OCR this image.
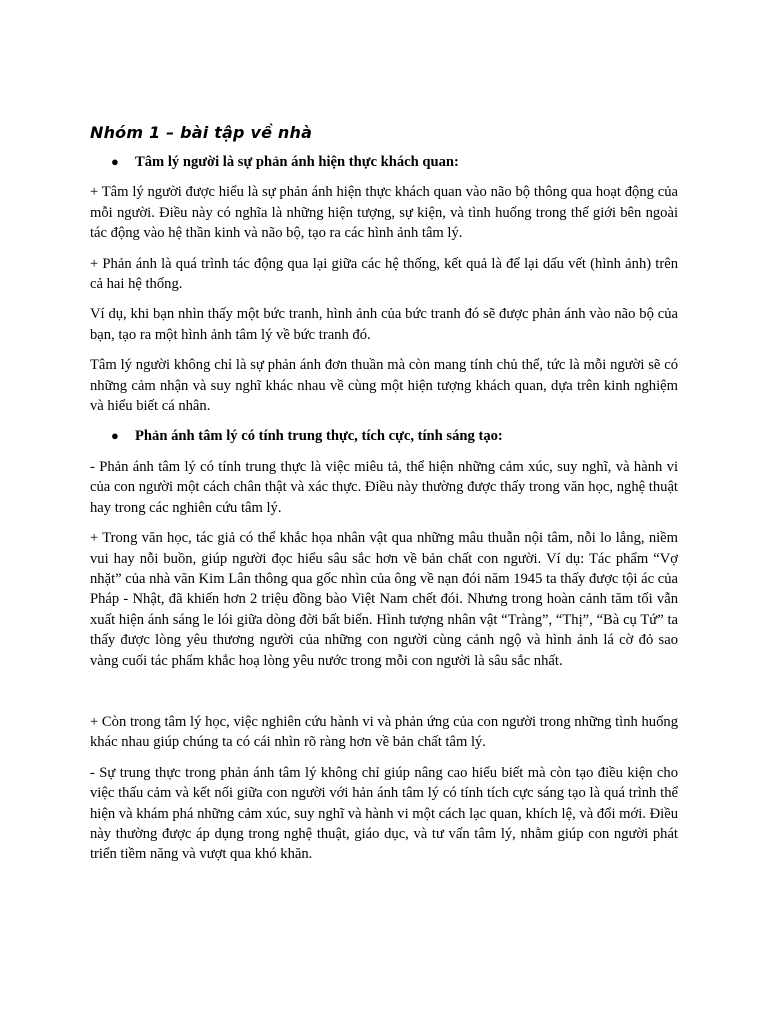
Nhóm 1 – bài tập về nhà
● Tâm lý người là sự phản ánh hiện thực khách quan:

+ Tâm lý người được hiểu là sự phản ánh hiện thực khách quan vào não bộ thông qua hoạt động của mỗi người. Điều này có nghĩa là những hiện tượng, sự kiện, và tình huống trong thế giới bên ngoài tác động vào hệ thần kinh và não bộ, tạo ra các hình ảnh tâm lý.

+ Phản ánh là quá trình tác động qua lại giữa các hệ thống, kết quả là để lại dấu vết (hình ảnh) trên cả hai hệ thống.

Ví dụ, khi bạn nhìn thấy một bức tranh, hình ảnh của bức tranh đó sẽ được phản ánh vào não bộ của bạn, tạo ra một hình ảnh tâm lý về bức tranh đó.

Tâm lý người không chỉ là sự phản ánh đơn thuần mà còn mang tính chủ thể, tức là mỗi người sẽ có những cảm nhận và suy nghĩ khác nhau về cùng một hiện tượng khách quan, dựa trên kinh nghiệm và hiểu biết cá nhân.

● Phản ánh tâm lý có tính trung thực, tích cực, tính sáng tạo:

- Phản ánh tâm lý có tính trung thực là việc miêu tả, thể hiện những cảm xúc, suy nghĩ, và hành vi của con người một cách chân thật và xác thực. Điều này thường được thấy trong văn học, nghệ thuật hay trong các nghiên cứu tâm lý.

+ Trong văn học, tác giả có thể khắc họa nhân vật qua những mâu thuẫn nội tâm, nỗi lo lắng, niềm vui hay nỗi buồn, giúp người đọc hiểu sâu sắc hơn về bản chất con người. Ví dụ: Tác phẩm “Vợ nhặt” của nhà văn Kim Lân thông qua gốc nhìn của ông về nạn đói năm 1945 ta thấy được tội ác của Pháp - Nhật, đã khiến hơn 2 triệu đồng bào Việt Nam chết đói. Nhưng trong hoàn cảnh tăm tối vẫn xuất hiện ánh sáng le lói giữa dòng đời bất biến. Hình tượng nhân vật “Tràng”, “Thị”, “Bà cụ Tứ” ta thấy được lòng yêu thương người của những con người cùng cảnh ngộ và hình ảnh lá cờ đỏ sao vàng cuối tác phẩm khắc hoạ lòng yêu nước trong mỗi con người là sâu sắc nhất.

+ Còn trong tâm lý học, việc nghiên cứu hành vi và phản ứng của con người trong những tình huống khác nhau giúp chúng ta có cái nhìn rõ ràng hơn về bản chất tâm lý.

- Sự trung thực trong phản ánh tâm lý không chỉ giúp nâng cao hiểu biết mà còn tạo điều kiện cho việc thấu cảm và kết nối giữa con người với hản ánh tâm lý có tính tích cực sáng tạo là quá trình thể hiện và khám phá những cảm xúc, suy nghĩ và hành vi một cách lạc quan, khích lệ, và đổi mới. Điều này thường được áp dụng trong nghệ thuật, giáo dục, và tư vấn tâm lý, nhằm giúp con người phát triển tiềm năng và vượt qua khó khăn.
